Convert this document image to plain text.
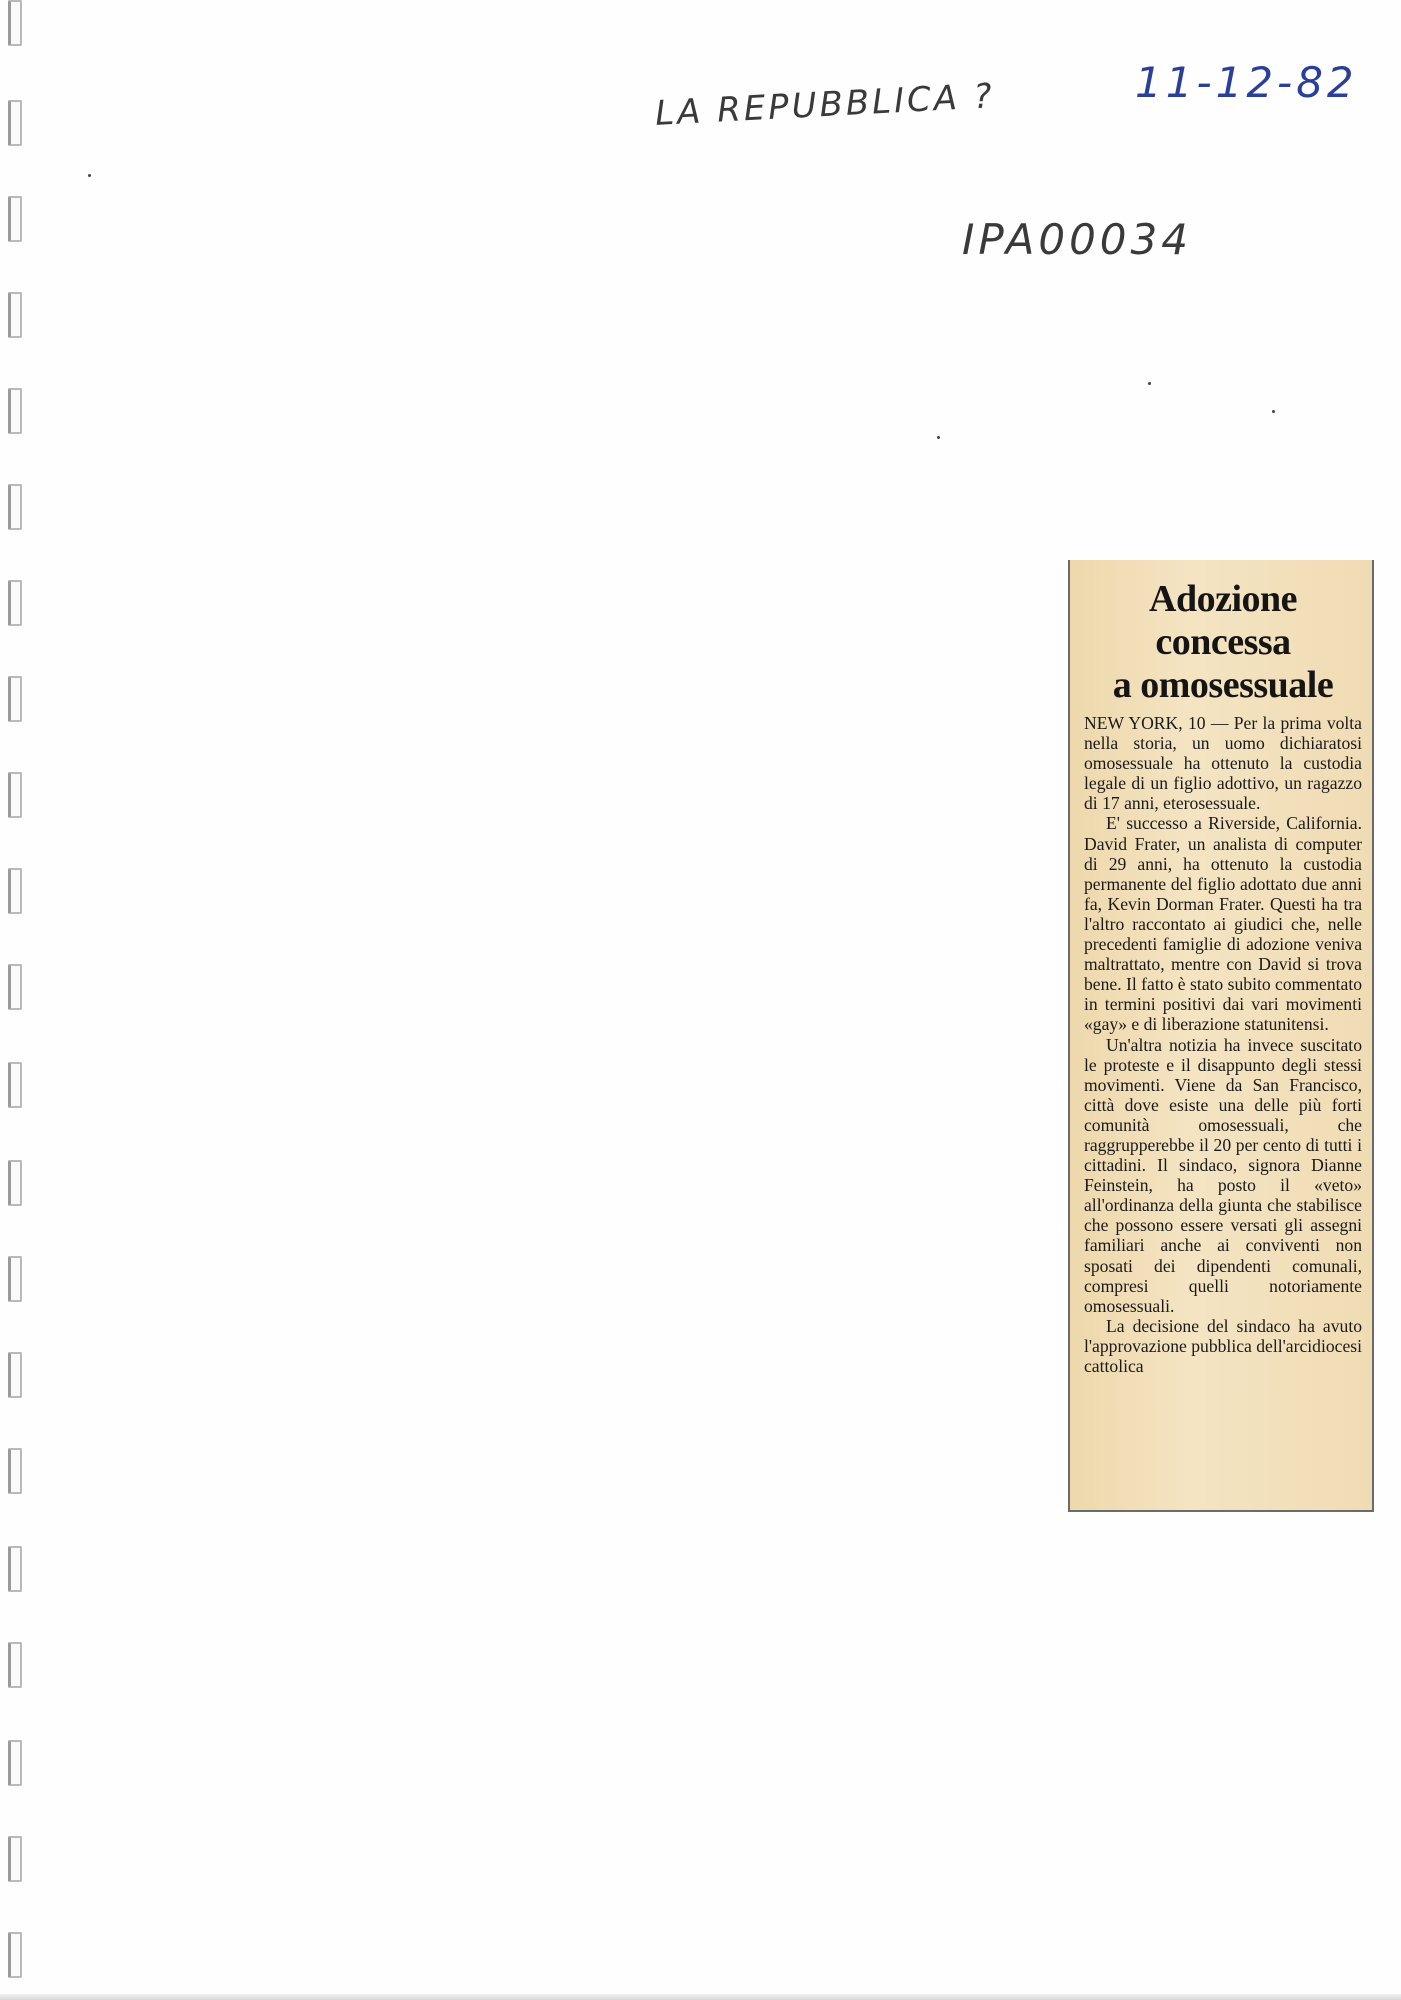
LA REPUBBLICA ?	11-12-82
IPA00034
Adozione
concessa
a omosessuale

NEW YORK, 10 — Per la prima volta nella storia, un uomo dichiaratosi omosessuale ha ottenuto la custodia legale di un figlio adottivo, un ragazzo di 17 anni, eterosessuale.

E' successo a Riverside, California. David Frater, un analista di computer di 29 anni, ha ottenuto la custodia permanente del figlio adottato due anni fa, Kevin Dorman Frater. Questi ha tra l'altro raccontato ai giudici che, nelle precedenti famiglie di adozione veniva maltrattato, mentre con David si trova bene. Il fatto è stato subito commentato in termini positivi dai vari movimenti «gay» e di liberazione statunitensi.

Un'altra notizia ha invece suscitato le proteste e il disappunto degli stessi movimenti. Viene da San Francisco, città dove esiste una delle più forti comunità omosessuali, che raggrupperebbe il 20 per cento di tutti i cittadini. Il sindaco, signora Dianne Feinstein, ha posto il «veto» all'ordinanza della giunta che stabilisce che possono essere versati gli assegni familiari anche ai conviventi non sposati dei dipendenti comunali, compresi quelli notoriamente omosessuali.

La decisione del sindaco ha avuto l'approvazione pubblica dell'arcidiocesi cattolica
